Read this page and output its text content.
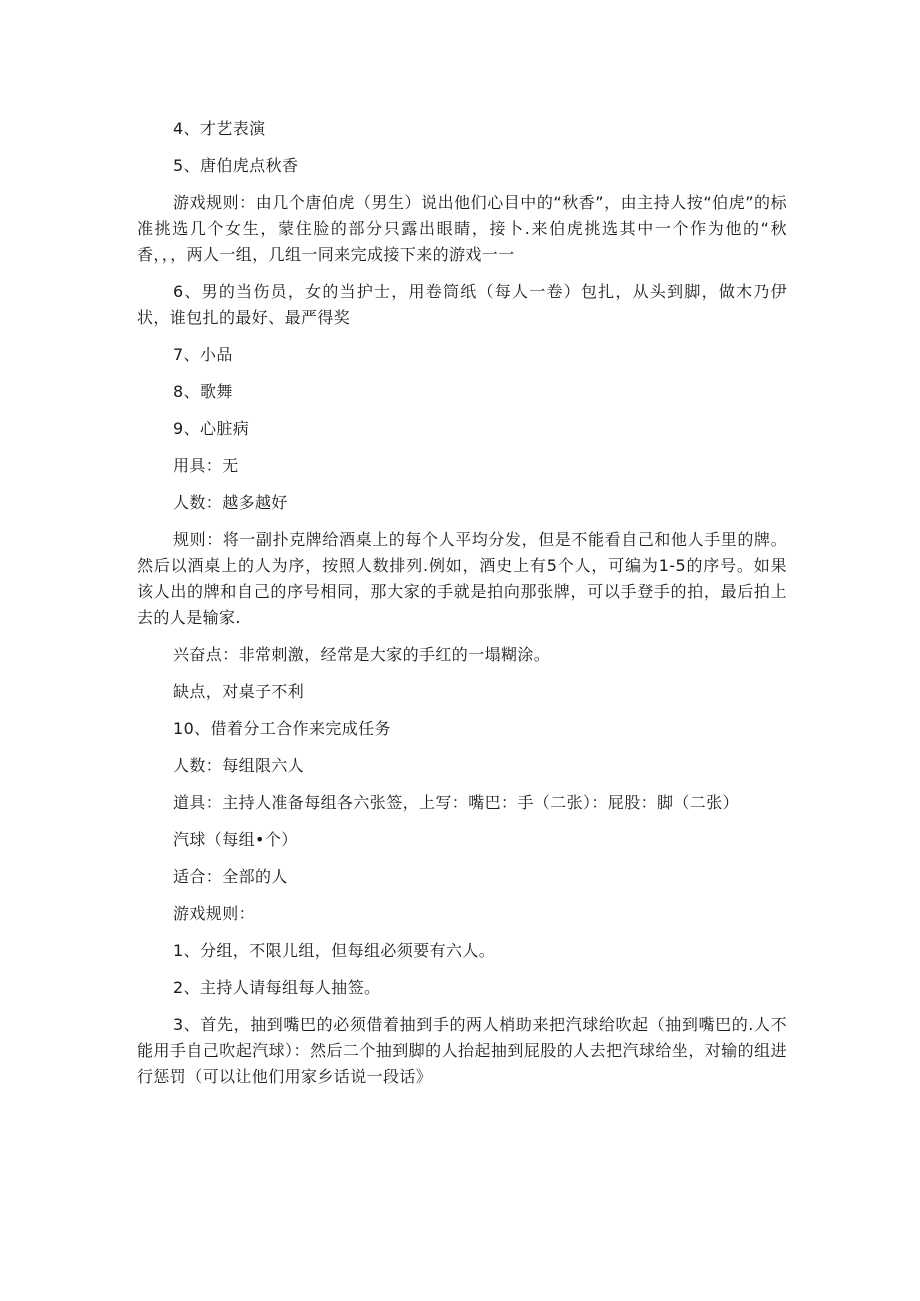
4、才艺表演

5、唐伯虎点秋香

游戏规则：由几个唐伯虎（男生）说出他们心目中的“秋香”，由主持人按“伯虎”的标准挑选几个女生，蒙住脸的部分只露出眼睛，接卜.来伯虎挑选其中一个作为他的“秋香，，，两人一组，几组一同来完成接下来的游戏一一

6、男的当伤员，女的当护士，用卷筒纸（每人一卷）包扎，从头到脚，做木乃伊状，谁包扎的最好、最严得奖

7、小品

8、歌舞

9、心脏病

用具：无

人数：越多越好

规则：将一副扑克牌给酒桌上的每个人平均分发，但是不能看自己和他人手里的牌。然后以酒桌上的人为序，按照人数排列.例如，酒史上有5个人，可编为1-5的序号。如果该人出的牌和自己的序号相同，那大家的手就是拍向那张牌，可以手登手的拍，最后拍上去的人是输家.

兴奋点：非常刺激，经常是大家的手红的一塌糊涂。

缺点，对桌子不利

10、借着分工合作来完成任务

人数：每组限六人

道具：主持人准备每组各六张签，上写：嘴巴：手（二张）：屁股：脚（二张）

汽球（每组•个）

适合：全部的人

游戏规则：

1、分组，不限儿组，但每组必须要有六人。

2、主持人请每组每人抽签。

3、首先，抽到嘴巴的必须借着抽到手的两人梢助来把汽球给吹起（抽到嘴巴的.人不能用手自己吹起汽球）：然后二个抽到脚的人抬起抽到屁股的人去把汽球给坐，对输的组进行惩罚（可以让他们用家乡话说一段话》
